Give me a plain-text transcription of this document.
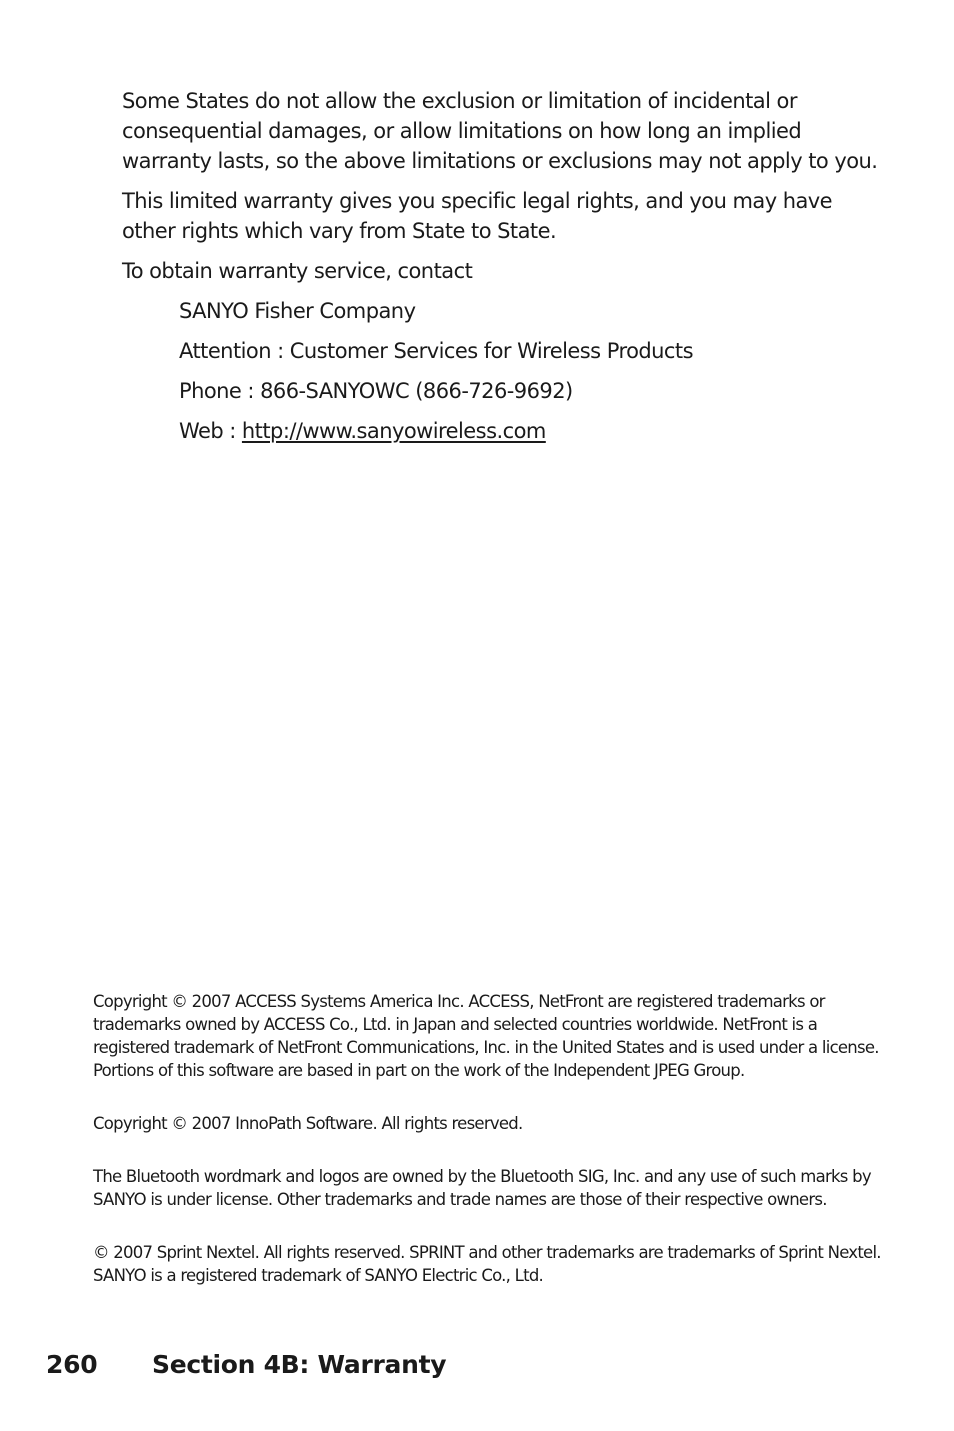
Some States do not allow the exclusion or limitation of incidental or consequential damages, or allow limitations on how long an implied warranty lasts, so the above limitations or exclusions may not apply to you.

This limited warranty gives you specific legal rights, and you may have other rights which vary from State to State.

To obtain warranty service, contact

SANYO Fisher Company
Attention : Customer Services for Wireless Products
Phone : 866-SANYOWC (866-726-9692)
Web : http://www.sanyowireless.com

Copyright © 2007 ACCESS Systems America Inc. ACCESS, NetFront are registered trademarks or trademarks owned by ACCESS Co., Ltd. in Japan and selected countries worldwide. NetFront is a registered trademark of NetFront Communications, Inc. in the United States and is used under a license. Portions of this software are based in part on the work of the Independent JPEG Group.

Copyright © 2007 InnoPath Software. All rights reserved.

The Bluetooth wordmark and logos are owned by the Bluetooth SIG, Inc. and any use of such marks by SANYO is under license. Other trademarks and trade names are those of their respective owners.

© 2007 Sprint Nextel. All rights reserved. SPRINT and other trademarks are trademarks of Sprint Nextel. SANYO is a registered trademark of SANYO Electric Co., Ltd.

260 Section 4B: Warranty
